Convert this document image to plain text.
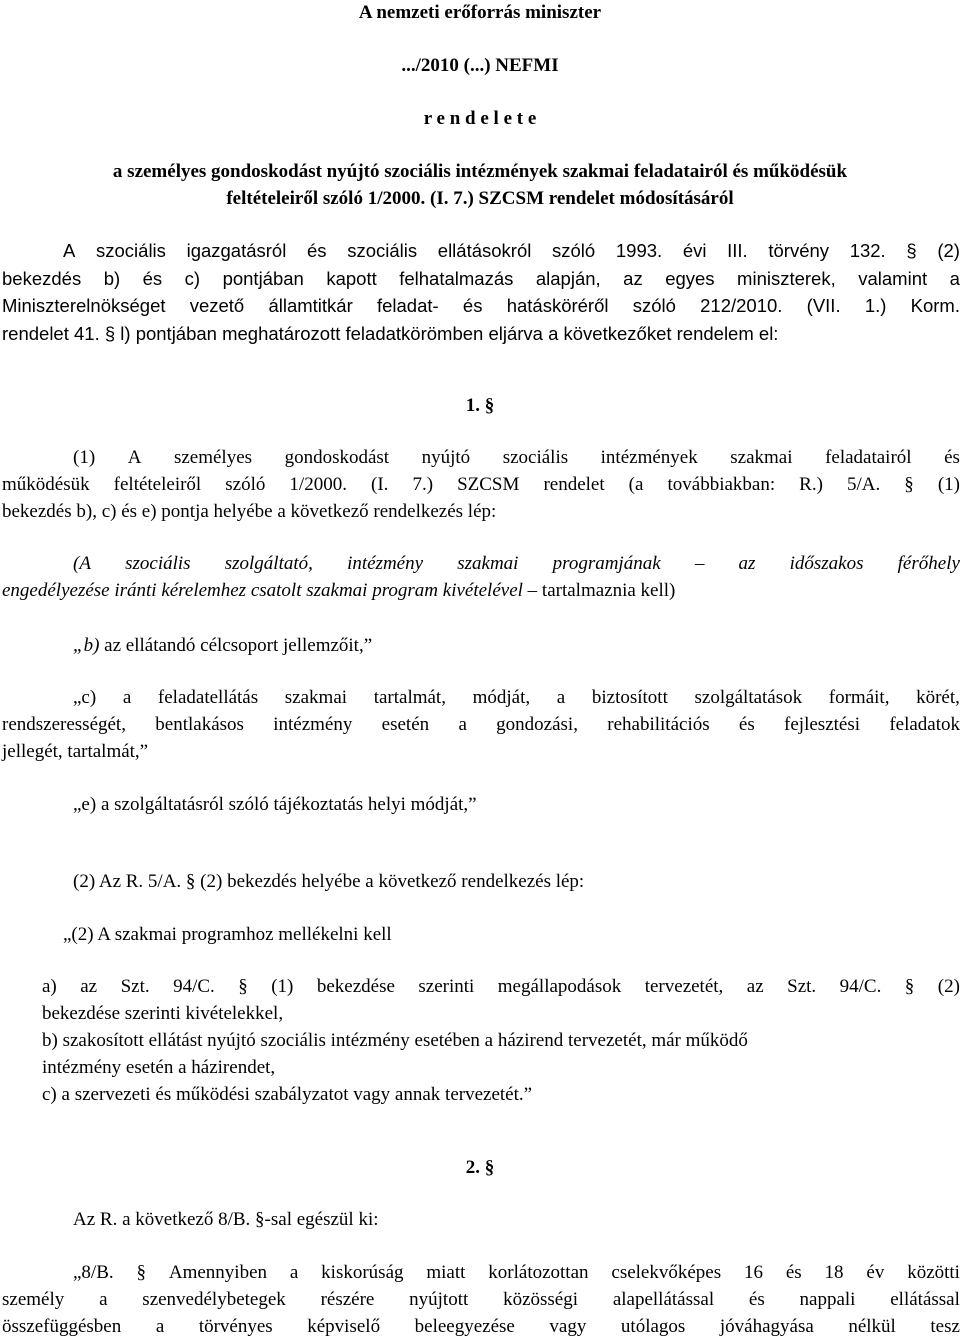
A nemzeti erőforrás miniszter
.../2010 (...) NEFMI
r e n d e l e t e
a személyes gondoskodást nyújtó szociális intézmények szakmai feladatairól és működésük
feltételeiről szóló 1/2000. (I. 7.) SZCSM rendelet módosításáról
A szociális igazgatásról és szociális ellátásokról szóló 1993. évi III. törvény 132. § (2)
bekezdés b) és c) pontjában kapott felhatalmazás alapján, az egyes miniszterek, valamint a
Miniszterelnökséget vezető államtitkár feladat- és hatásköréről szóló 212/2010. (VII. 1.) Korm.
rendelet 41. § l) pontjában meghatározott feladatkörömben eljárva a következőket rendelem el:
1. §
(1) A személyes gondoskodást nyújtó szociális intézmények szakmai feladatairól és
működésük feltételeiről szóló 1/2000. (I. 7.) SZCSM rendelet (a továbbiakban: R.) 5/A. § (1)
bekezdés b), c) és e) pontja helyébe a következő rendelkezés lép:
(A szociális szolgáltató, intézmény szakmai programjának – az időszakos férőhely
engedélyezése iránti kérelemhez csatolt szakmai program kivételével – tartalmaznia kell)
„b) az ellátandó célcsoport jellemzőit,”
„c) a feladatellátás szakmai tartalmát, módját, a biztosított szolgáltatások formáit, körét,
rendszerességét, bentlakásos intézmény esetén a gondozási, rehabilitációs és fejlesztési feladatok
jellegét, tartalmát,”
„e) a szolgáltatásról szóló tájékoztatás helyi módját,”
(2) Az R. 5/A. § (2) bekezdés helyébe a következő rendelkezés lép:
„(2) A szakmai programhoz mellékelni kell
a) az Szt. 94/C. § (1) bekezdése szerinti megállapodások tervezetét, az Szt. 94/C. § (2)
bekezdése szerinti kivételekkel,
b) szakosított ellátást nyújtó szociális intézmény esetében a házirend tervezetét, már működő
intézmény esetén a házirendet,
c) a szervezeti és működési szabályzatot vagy annak tervezetét.”
2. §
Az R. a következő 8/B. §-sal egészül ki:
„8/B. § Amennyiben a kiskorúság miatt korlátozottan cselekvőképes 16 és 18 év közötti
személy a szenvedélybetegek részére nyújtott közösségi alapellátással és nappali ellátással
összefüggésben a törvényes képviselő beleegyezése vagy utólagos jóváhagyása nélkül tesz
